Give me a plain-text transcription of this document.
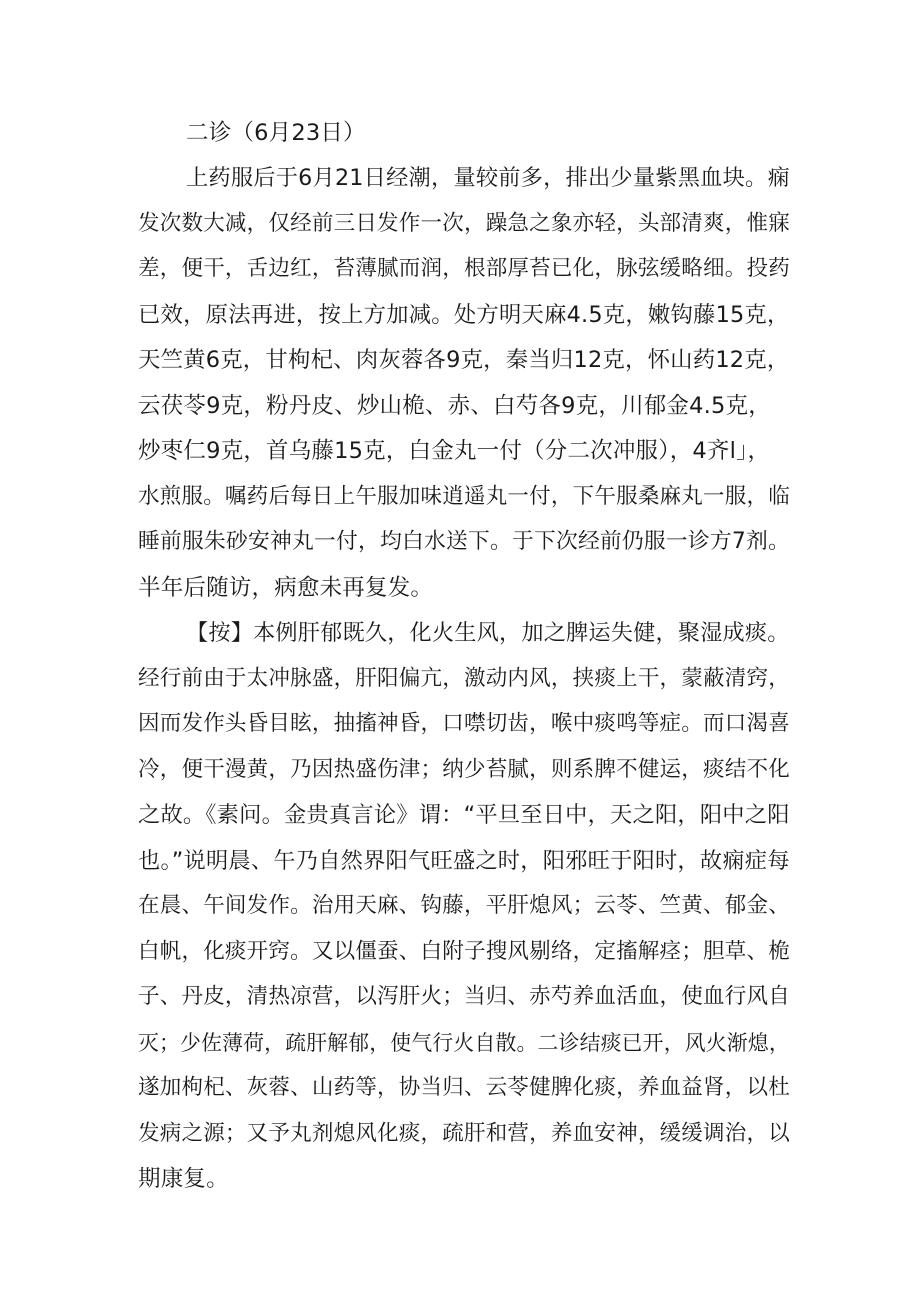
二诊（6月23日）
上药服后于6月21日经潮，量较前多，排出少量紫黑血块。痫
发次数大减，仅经前三日发作一次，躁急之象亦轻，头部清爽，惟寐
差，便干，舌边红，苔薄腻而润，根部厚苔已化，脉弦缓略细。投药
已效，原法再进，按上方加减。处方明天麻4.5克，嫩钩藤15克，
天竺黄6克，甘枸杞、肉灰蓉各9克，秦当归12克，怀山药12克，
云茯苓9克，粉丹皮、炒山桅、赤、白芍各9克，川郁金4.5克，
炒枣仁9克，首乌藤15克，白金丸一付（分二次冲服），4齐l」，
水煎服。嘱药后每日上午服加味逍遥丸一付，下午服桑麻丸一服，临
睡前服朱砂安神丸一付，均白水送下。于下次经前仍服一诊方7剂。
半年后随访，病愈未再复发。
【按】本例肝郁既久，化火生风，加之脾运失健，聚湿成痰。
经行前由于太冲脉盛，肝阳偏亢，激动内风，挟痰上干，蒙蔽清窍，
因而发作头昏目眩，抽搐神昏，口噤切齿，喉中痰鸣等症。而口渴喜
冷，便干漫黄，乃因热盛伤津；纳少苔腻，则系脾不健运，痰结不化
之故。《素问。金贵真言论》谓：“平旦至日中，天之阳，阳中之阳
也。”说明晨、午乃自然界阳气旺盛之时，阳邪旺于阳时，故痫症每
在晨、午间发作。治用天麻、钩藤，平肝熄风；云苓、竺黄、郁金、
白帆，化痰开窍。又以僵蚕、白附子搜风剔络，定搐解痉；胆草、桅
子、丹皮，清热凉营，以泻肝火；当归、赤芍养血活血，使血行风自
灭；少佐薄荷，疏肝解郁，使气行火自散。二诊结痰已开，风火渐熄，
遂加枸杞、灰蓉、山药等，协当归、云苓健脾化痰，养血益肾，以杜
发病之源；又予丸剂熄风化痰，疏肝和营，养血安神，缓缓调治，以
期康复。
